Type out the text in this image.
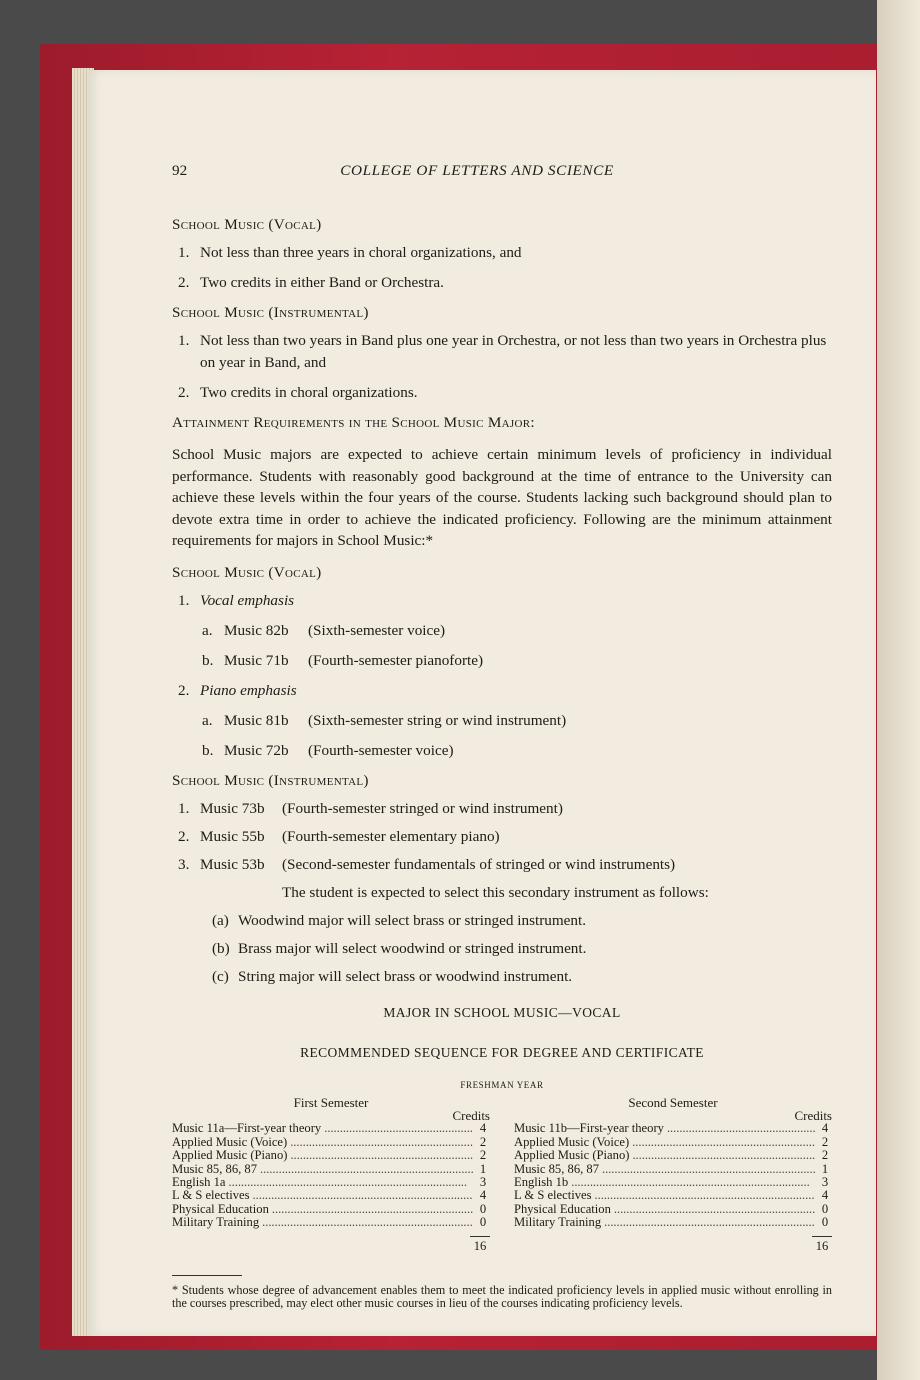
92	COLLEGE OF LETTERS AND SCIENCE
School Music (Vocal)
1. Not less than three years in choral organizations, and
2. Two credits in either Band or Orchestra.
School Music (Instrumental)
1. Not less than two years in Band plus one year in Orchestra, or not less than two years in Orchestra plus on year in Band, and
2. Two credits in choral organizations.
Attainment Requirements in the School Music Major:
School Music majors are expected to achieve certain minimum levels of proficiency in individual performance. Students with reasonably good background at the time of entrance to the University can achieve these levels within the four years of the course. Students lacking such background should plan to devote extra time in order to achieve the indicated proficiency. Following are the minimum attainment requirements for majors in School Music:*
School Music (Vocal)
1. Vocal emphasis
a. Music 82b	(Sixth-semester voice)
b. Music 71b	(Fourth-semester pianoforte)
2. Piano emphasis
a. Music 81b	(Sixth-semester string or wind instrument)
b. Music 72b	(Fourth-semester voice)
School Music (Instrumental)
1. Music 73b	(Fourth-semester stringed or wind instrument)
2. Music 55b	(Fourth-semester elementary piano)
3. Music 53b	(Second-semester fundamentals of stringed or wind instruments)
The student is expected to select this secondary instrument as follows:
(a) Woodwind major will select brass or stringed instrument.
(b) Brass major will select woodwind or stringed instrument.
(c) String major will select brass or woodwind instrument.
MAJOR IN SCHOOL MUSIC—VOCAL
RECOMMENDED SEQUENCE FOR DEGREE AND CERTIFICATE
FRESHMAN YEAR
First Semester
Credits
Music 11a—First-year theory . . .	4
Applied Music (Voice) . . .	2
Applied Music (Piano) . . .	2
Music 85, 86, 87 . . .	1
English 1a . . .	3
L & S electives . . .	4
Physical Education . . .	0
Military Training . . .	0
16
Second Semester
Credits
Music 11b—First-year theory . . .	4
Applied Music (Voice) . . .	2
Applied Music (Piano) . . .	2
Music 85, 86, 87 . . .	1
English 1b . . .	3
L & S electives . . .	4
Physical Education . . .	0
Military Training . . .	0
16
* Students whose degree of advancement enables them to meet the indicated proficiency levels in applied music without enrolling in the courses prescribed, may elect other music courses in lieu of the courses indicating proficiency levels.
